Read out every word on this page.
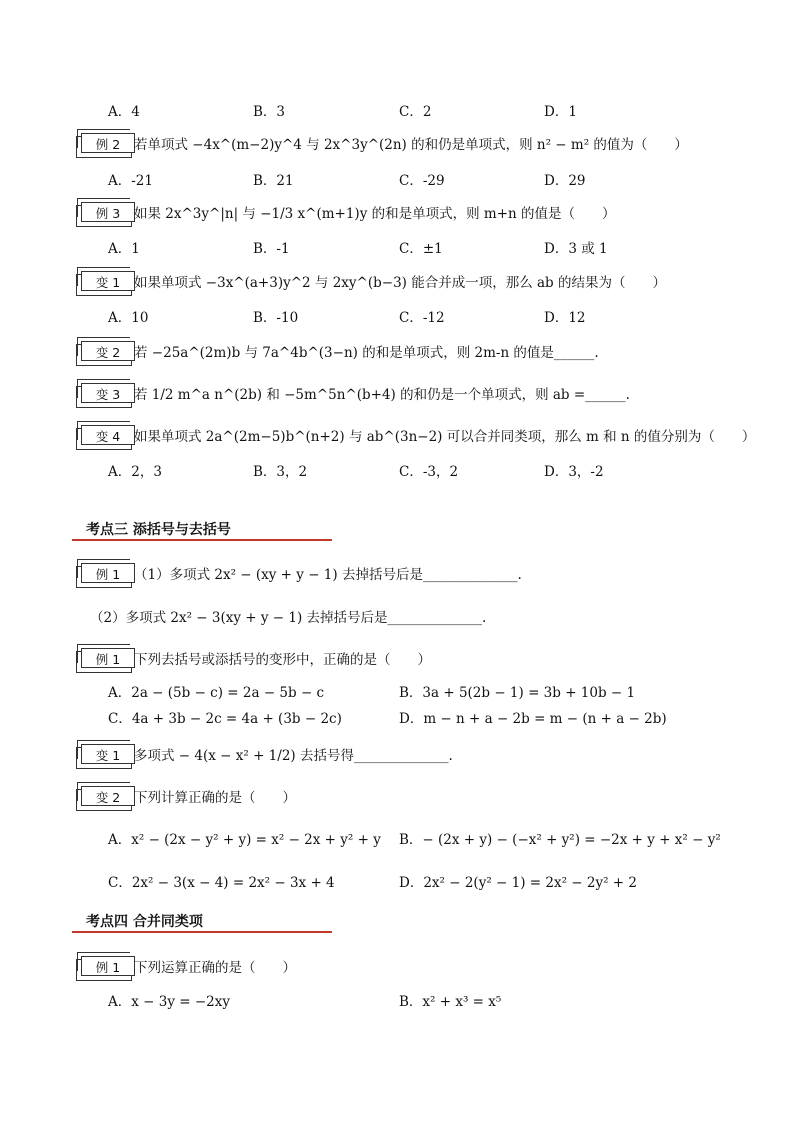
A．4	B．3	C．2	D．1
例 2	若单项式 −4x^(m−2)y^4 与 2x^3y^(2n) 的和仍是单项式，则 n² − m² 的值为（　　）
A．-21	B．21	C．-29	D．29
例 3	如果 2x^3y^|n| 与 −1/3 x^(m+1)y 的和是单项式，则 m+n 的值是（　　）
A．1	B．-1	C．±1	D．3 或 1
变 1	如果单项式 −3x^(a+3)y^2 与 2xy^(b−3) 能合并成一项，那么 ab 的结果为（　　）
A．10	B．-10	C．-12	D．12
变 2	若 −25a^(2m)b 与 7a^4b^(3−n) 的和是单项式，则 2m-n 的值是______.
变 3	若 1/2 m^a n^(2b) 和 −5m^5n^(b+4) 的和仍是一个单项式，则 ab =______.
变 4	如果单项式 2a^(2m−5)b^(n+2) 与 ab^(3n−2) 可以合并同类项，那么 m 和 n 的值分别为（　　）
A．2，3	B．3，2	C．-3，2	D．3，-2
考点三 添括号与去括号
例 1	（1）多项式 2x² − (xy + y − 1) 去掉括号后是______________.
（2）多项式 2x² − 3(xy + y − 1) 去掉括号后是______________.
例 1	下列去括号或添括号的变形中，正确的是（　　）
A．2a − (5b − c) = 2a − 5b − c	B．3a + 5(2b − 1) = 3b + 10b − 1
C．4a + 3b − 2c = 4a + (3b − 2c)	D．m − n + a − 2b = m − (n + a − 2b)
变 1	多项式 − 4(x − x² + 1/2) 去括号得______________.
变 2	下列计算正确的是（　　）
A．x² − (2x − y² + y) = x² − 2x + y² + y B．− (2x + y) − (−x² + y²) = −2x + y + x² − y²
C．2x² − 3(x − 4) = 2x² − 3x + 4	D．2x² − 2(y² − 1) = 2x² − 2y² + 2
考点四 合并同类项
例 1	下列运算正确的是（　　）
A．x − 3y = −2xy	B．x² + x³ = x⁵
